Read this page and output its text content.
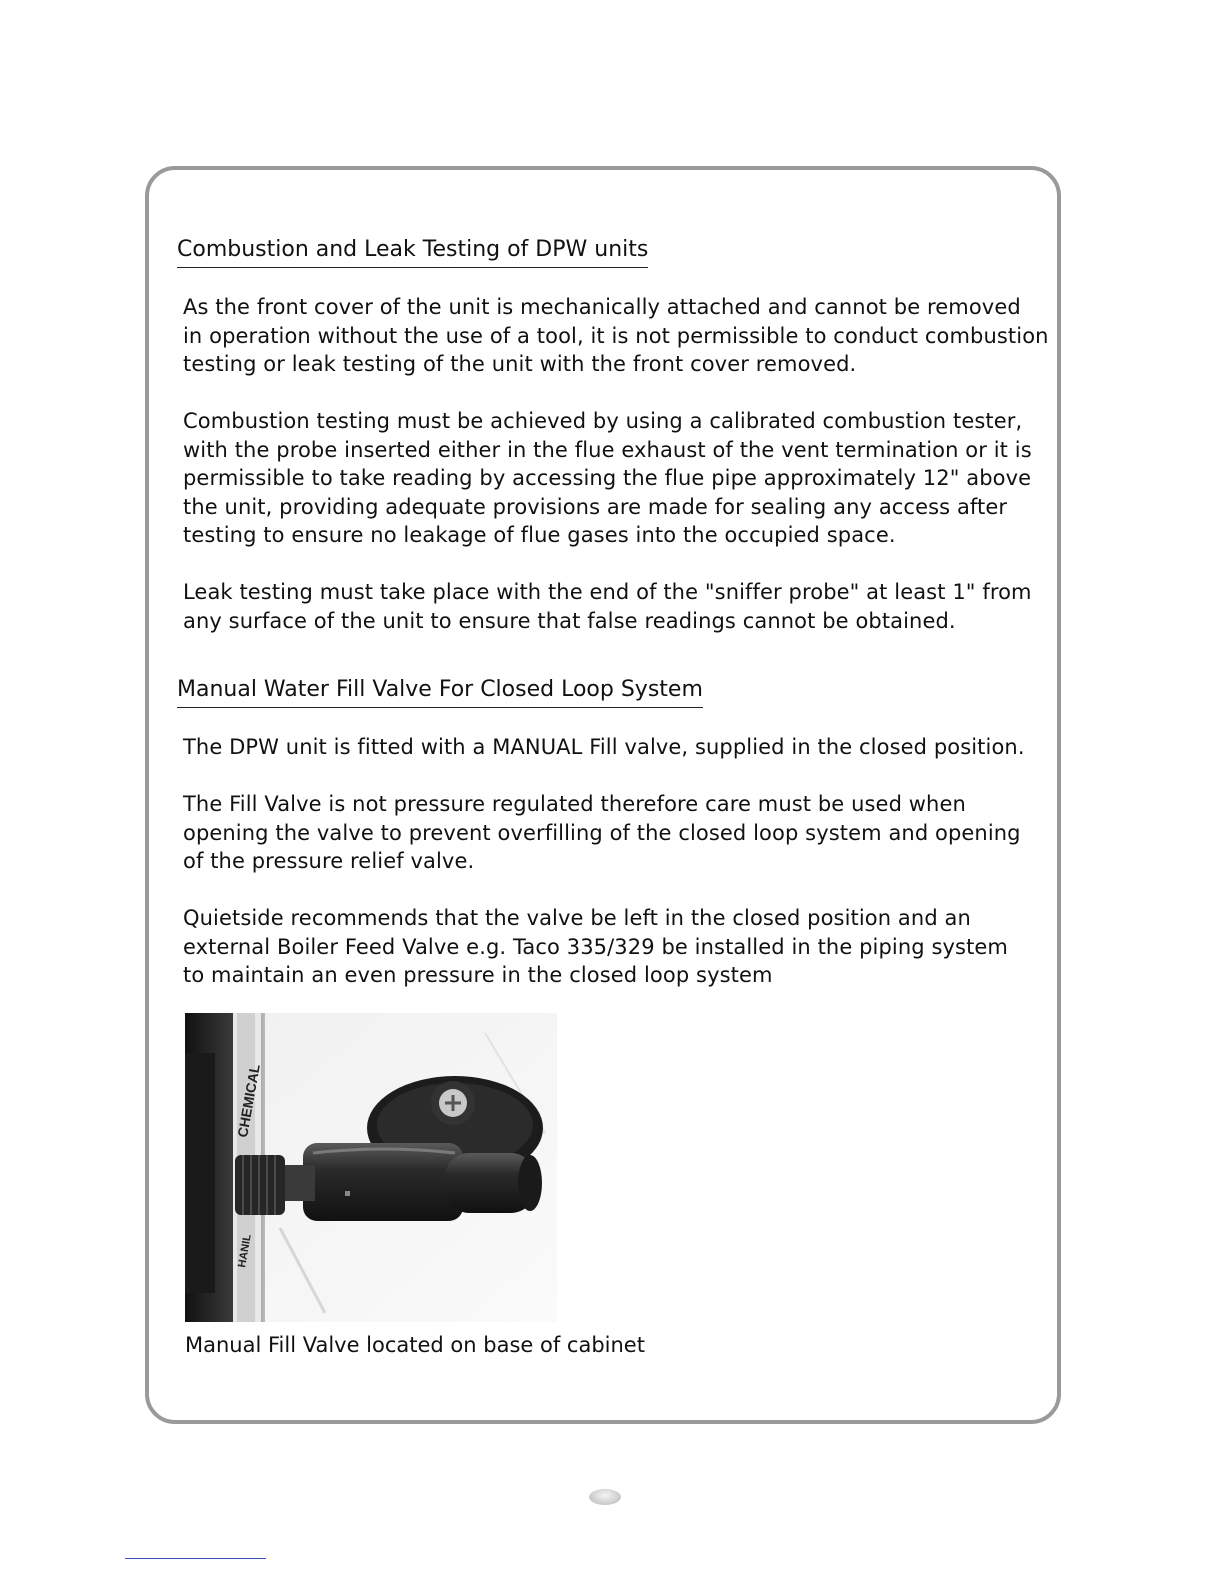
Combustion and Leak Testing of DPW units

As the front cover of the unit is mechanically attached and cannot be removed
in operation without the use of a tool, it is not permissible to conduct combustion
testing or leak testing of the unit with the front cover removed.

Combustion testing must be achieved by using a calibrated combustion tester,
with the probe inserted either in the flue exhaust of the vent termination or it is
permissible to take reading by accessing the flue pipe approximately 12" above
the unit, providing adequate provisions are made for sealing any access after
testing to ensure no leakage of flue gases into the occupied space.

Leak testing must take place with the end of the "sniffer probe" at least 1" from
any surface of the unit to ensure that false readings cannot be obtained.

Manual Water Fill Valve For Closed Loop System

The DPW unit is fitted with a MANUAL Fill valve, supplied in the closed position.

The Fill Valve is not pressure regulated therefore care must be used when
opening the valve to prevent overfilling of the closed loop system and opening
of the pressure relief valve.

Quietside recommends that the valve be left in the closed position and an
external Boiler Feed Valve e.g. Taco 335/329 be installed in the piping system
to maintain an even pressure in the closed loop system

CHEMICAL
HANIL

Manual Fill Valve located on base of cabinet
